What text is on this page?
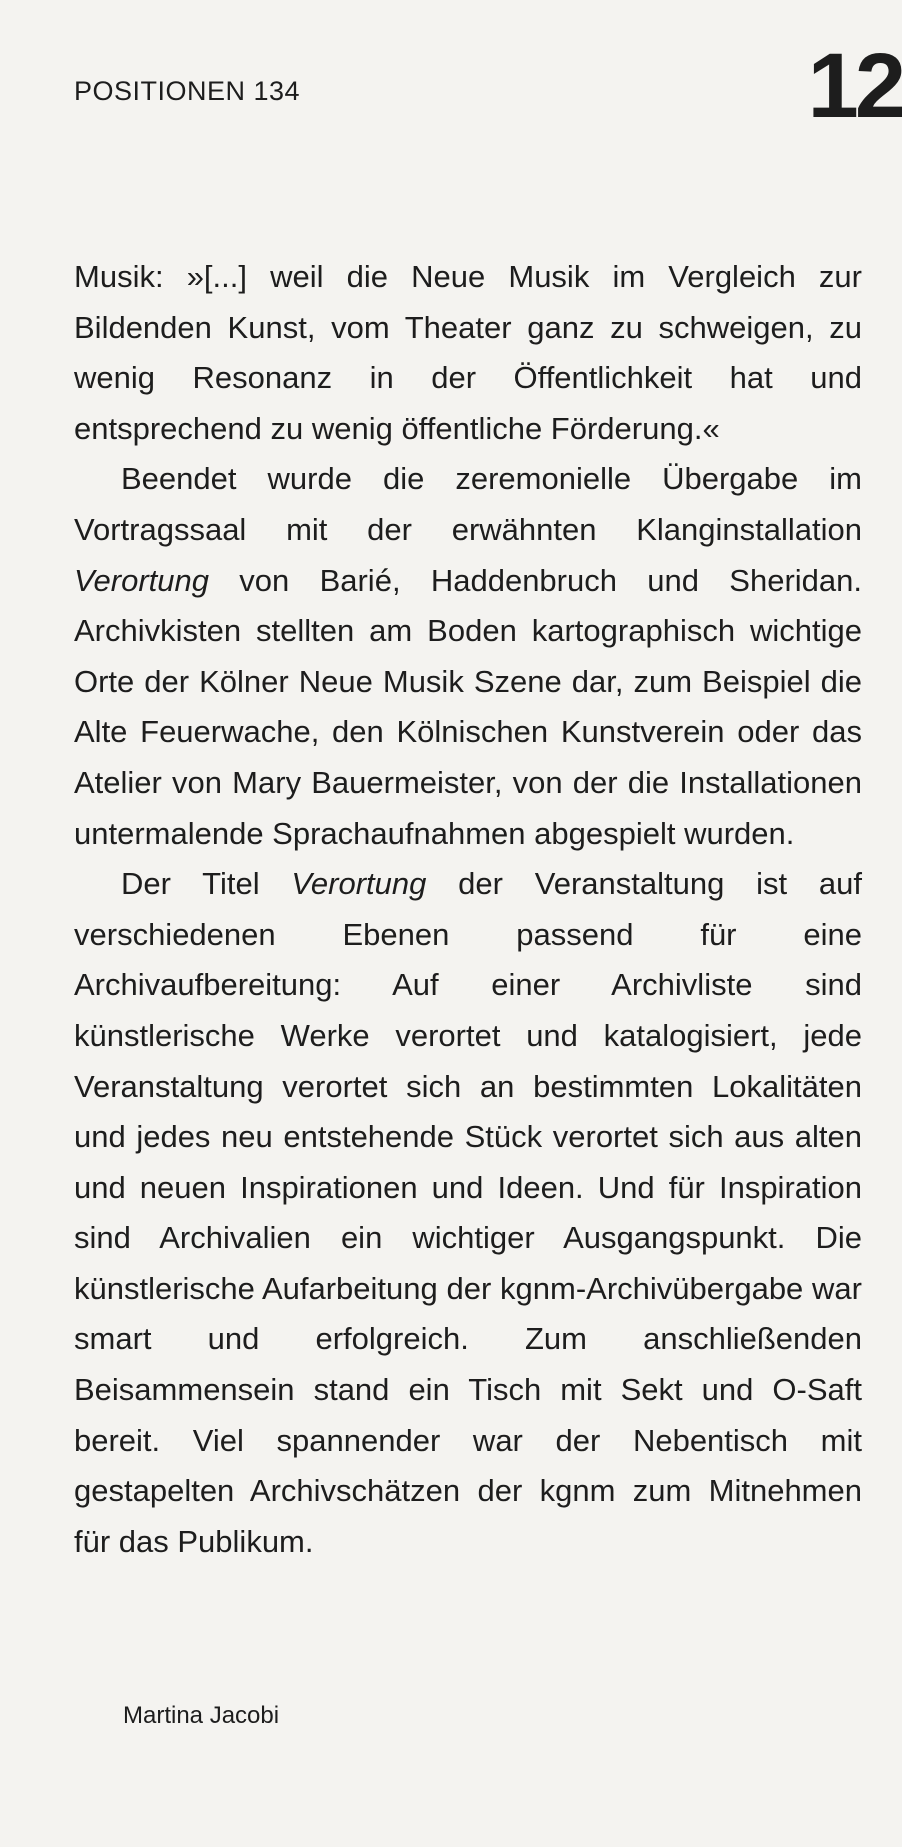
POSITIONEN 134	12

Musik: »[...] weil die Neue Musik im Vergleich zur Bildenden Kunst, vom Theater ganz zu schweigen, zu wenig Resonanz in der Öffentlichkeit hat und entsprechend zu wenig öffentliche Förderung.«

Beendet wurde die zeremonielle Übergabe im Vortragssaal mit der erwähnten Klanginstallation Verortung von Barié, Haddenbruch und Sheridan. Archivkisten stellten am Boden kartographisch wichtige Orte der Kölner Neue Musik Szene dar, zum Beispiel die Alte Feuerwache, den Kölnischen Kunstverein oder das Atelier von Mary Bauermeister, von der die Installationen untermalende Sprachaufnahmen abgespielt wurden.

Der Titel Verortung der Veranstaltung ist auf verschiedenen Ebenen passend für eine Archivaufbereitung: Auf einer Archivliste sind künstlerische Werke verortet und katalogisiert, jede Veranstaltung verortet sich an bestimmten Lokalitäten und jedes neu entstehende Stück verortet sich aus alten und neuen Inspirationen und Ideen. Und für Inspiration sind Archivalien ein wichtiger Ausgangspunkt. Die künstlerische Aufarbeitung der kgnm-Archivübergabe war smart und erfolgreich. Zum anschließenden Beisammensein stand ein Tisch mit Sekt und O-Saft bereit. Viel spannender war der Nebentisch mit gestapelten Archivschätzen der kgnm zum Mitnehmen für das Publikum.

Martina Jacobi
